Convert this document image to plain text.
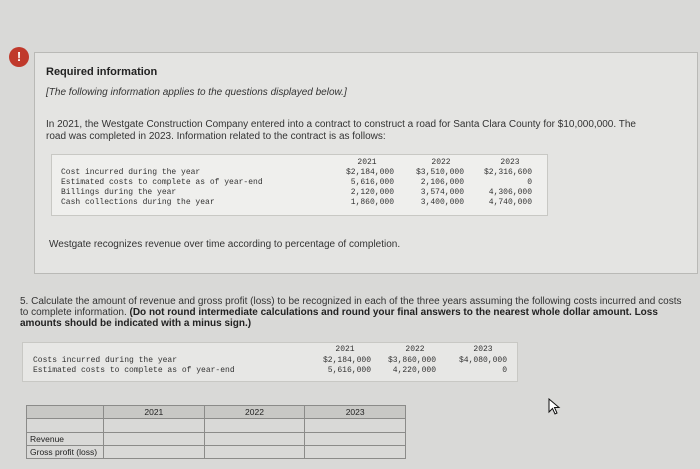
!
Required information
[The following information applies to the questions displayed below.]
In 2021, the Westgate Construction Company entered into a contract to construct a road for Santa Clara County for $10,000,000. The road was completed in 2023. Information related to the contract is as follows:
2021	2022	2023
Cost incurred during the year	$2,184,000	$3,510,000	$2,316,600
Estimated costs to complete as of year-end	5,616,000	2,106,000	0
Billings during the year	2,120,000	3,574,000	4,306,000
Cash collections during the year	1,860,000	3,400,000	4,740,000
Westgate recognizes revenue over time according to percentage of completion.
5. Calculate the amount of revenue and gross profit (loss) to be recognized in each of the three years assuming the following costs incurred and costs to complete information. (Do not round intermediate calculations and round your final answers to the nearest whole dollar amount. Loss amounts should be indicated with a minus sign.)
2021	2022	2023
Costs incurred during the year	$2,184,000	$3,860,000	$4,080,000
Estimated costs to complete as of year-end	5,616,000	4,220,000	0
	2021	2022	2023

Revenue			
Gross profit (loss)			
